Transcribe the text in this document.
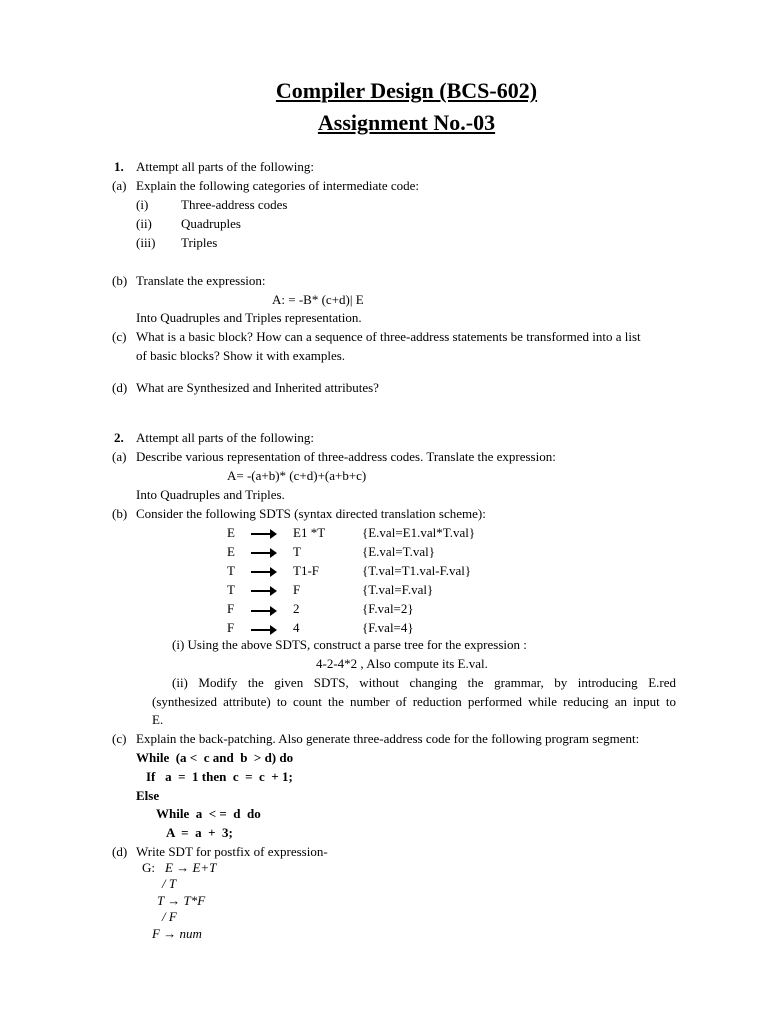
Compiler Design (BCS-602)
Assignment No.-03
1. Attempt all parts of the following:
(a) Explain the following categories of intermediate code:
(i)	Three-address codes
(ii) Quadruples
(iii) Triples
(b) Translate the expression:
A: = -B* (c+d)| E
Into Quadruples and Triples representation.
(c) What is a basic block? How can a sequence of three-address statements be transformed into a list
of basic blocks? Show it with examples.
(d) What are Synthesized and Inherited attributes?
2. Attempt all parts of the following:
(a) Describe various representation of three-address codes. Translate the expression:
A= -(a+b)* (c+d)+(a+b+c)
Into Quadruples and Triples.
(b) Consider the following SDTS (syntax directed translation scheme):
E	E1 *T	{E.val=E1.val*T.val}
E	T	{E.val=T.val}
T	T1-F	{T.val=T1.val-F.val}
T	F	{T.val=F.val}
F	2	{F.val=2}
F	4	{F.val=4}
(i) Using the above SDTS, construct a parse tree for the expression :
4-2-4*2 , Also compute its E.val.
(ii) Modify the given SDTS, without changing the grammar, by introducing E.red
(synthesized attribute) to count the number of reduction performed while reducing an input to
E.
(c) Explain the back-patching. Also generate three-address code for the following program segment:
While  (a <  c and  b  > d) do
If   a  =  1 then  c  =  c  + 1;
Else
While  a  < =  d  do
A  =  a  +  3;
(d) Write SDT for postfix of expression-
G: E → E+T
/ T
T → T*F
/ F
F → num
